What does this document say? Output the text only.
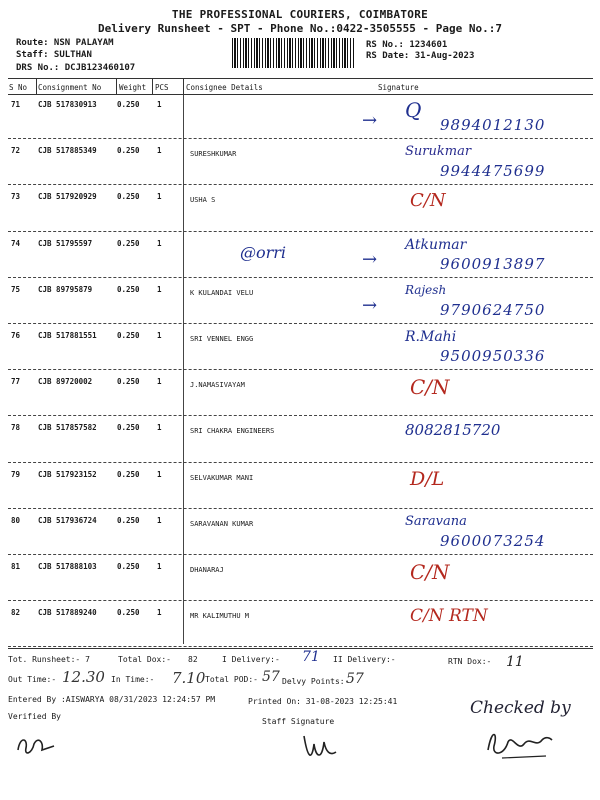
THE PROFESSIONAL COURIERS, COIMBATORE
Delivery Runsheet - SPT - Phone No.:0422-3505555 - Page No.:7
Route: NSN PALAYAM
Staff: SULTHAN
DRS No.: DCJB123460107
RS No.: 1234601
RS Date: 31-Aug-2023
S No Consignment No Weight PCS Consignee Details	Signature
71 CJB 517830913	0.250 1
→ Q
9894012130
72 CJB 517885349	0.250 1	SURESHKUMAR	Surukmar
9944475699
73 CJB 517920929	0.250 1	USHA S	C/N
74 CJB 51795597	0.250 1	@orri	→
Atkumar
9600913897
75 CJB 89795879	0.250 1	K KULANDAI VELU
→
Rajesh
9790624750
76 CJB 517881551	0.250 1	SRI VENNEL ENGG	R.Mahi
9500950336
77 CJB 89720002	0.250 1	J.NAMASIVAYAM	C/N
78 CJB 517857582	0.250 1	SRI CHAKRA ENGINEERS	8082815720
79 CJB 517923152	0.250 1	SELVAKUMAR MANI	D/L
80 CJB 517936724	0.250 1	SARAVANAN KUMAR	Saravana
9600073254
81 CJB 517888103	0.250 1	DHANARAJ	C/N
82 CJB 517889240	0.250 1	MR KALIMUTHU M	C/N RTN
Tot. Runsheet:- 7	Total Dox:- 82	I Delivery:- 71 II Delivery:-	RTN Dox:- 11
Out Time:- 12.30 In Time:- 7.10 Total POD:- 57 Delvy Points:-
57
Entered By :AISWARYA 08/31/2023 12:24:57 PM	Printed On: 31-08-2023 12:25:41
Verified By
Staff Signature
Checked by
